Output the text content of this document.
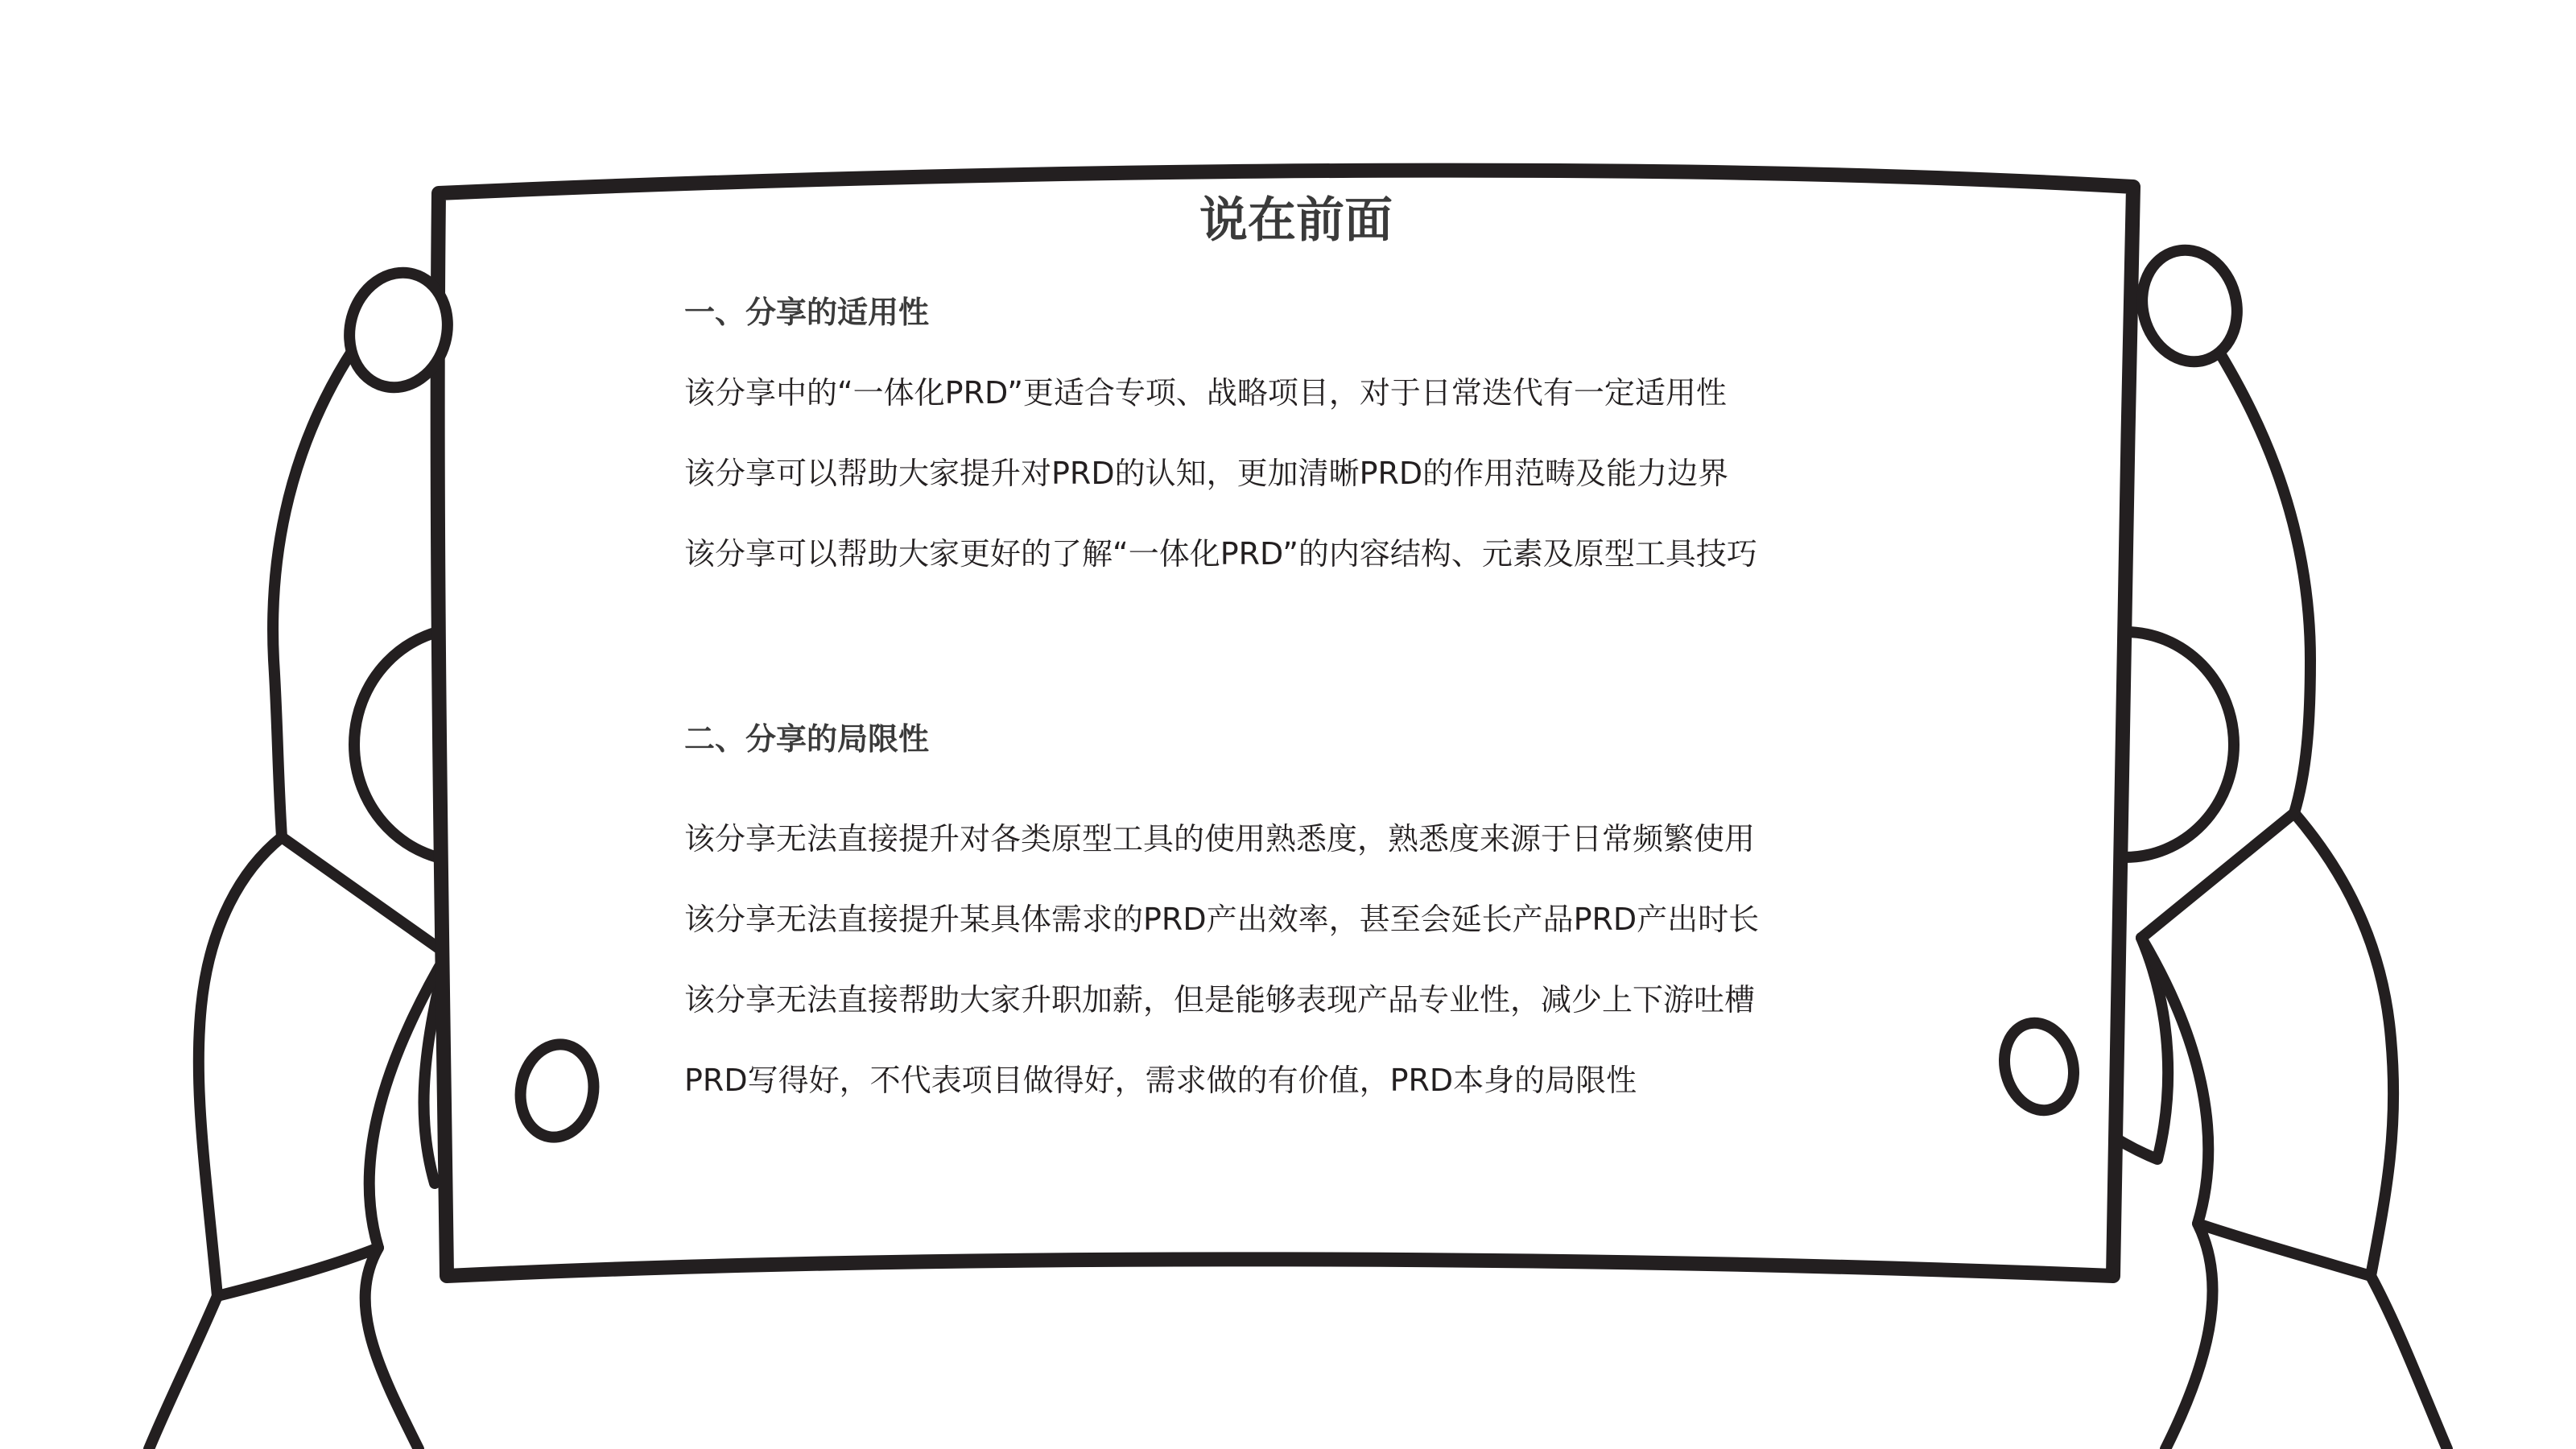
说在前面
一、分享的适用性
该分享中的“一体化PRD”更适合专项、战略项目，对于日常迭代有一定适用性
该分享可以帮助大家提升对PRD的认知，更加清晰PRD的作用范畴及能力边界
该分享可以帮助大家更好的了解“一体化PRD”的内容结构、元素及原型工具技巧
二、分享的局限性
该分享无法直接提升对各类原型工具的使用熟悉度，熟悉度来源于日常频繁使用
该分享无法直接提升某具体需求的PRD产出效率，甚至会延长产品PRD产出时长
该分享无法直接帮助大家升职加薪，但是能够表现产品专业性，减少上下游吐槽
PRD写得好，不代表项目做得好，需求做的有价值，PRD本身的局限性
